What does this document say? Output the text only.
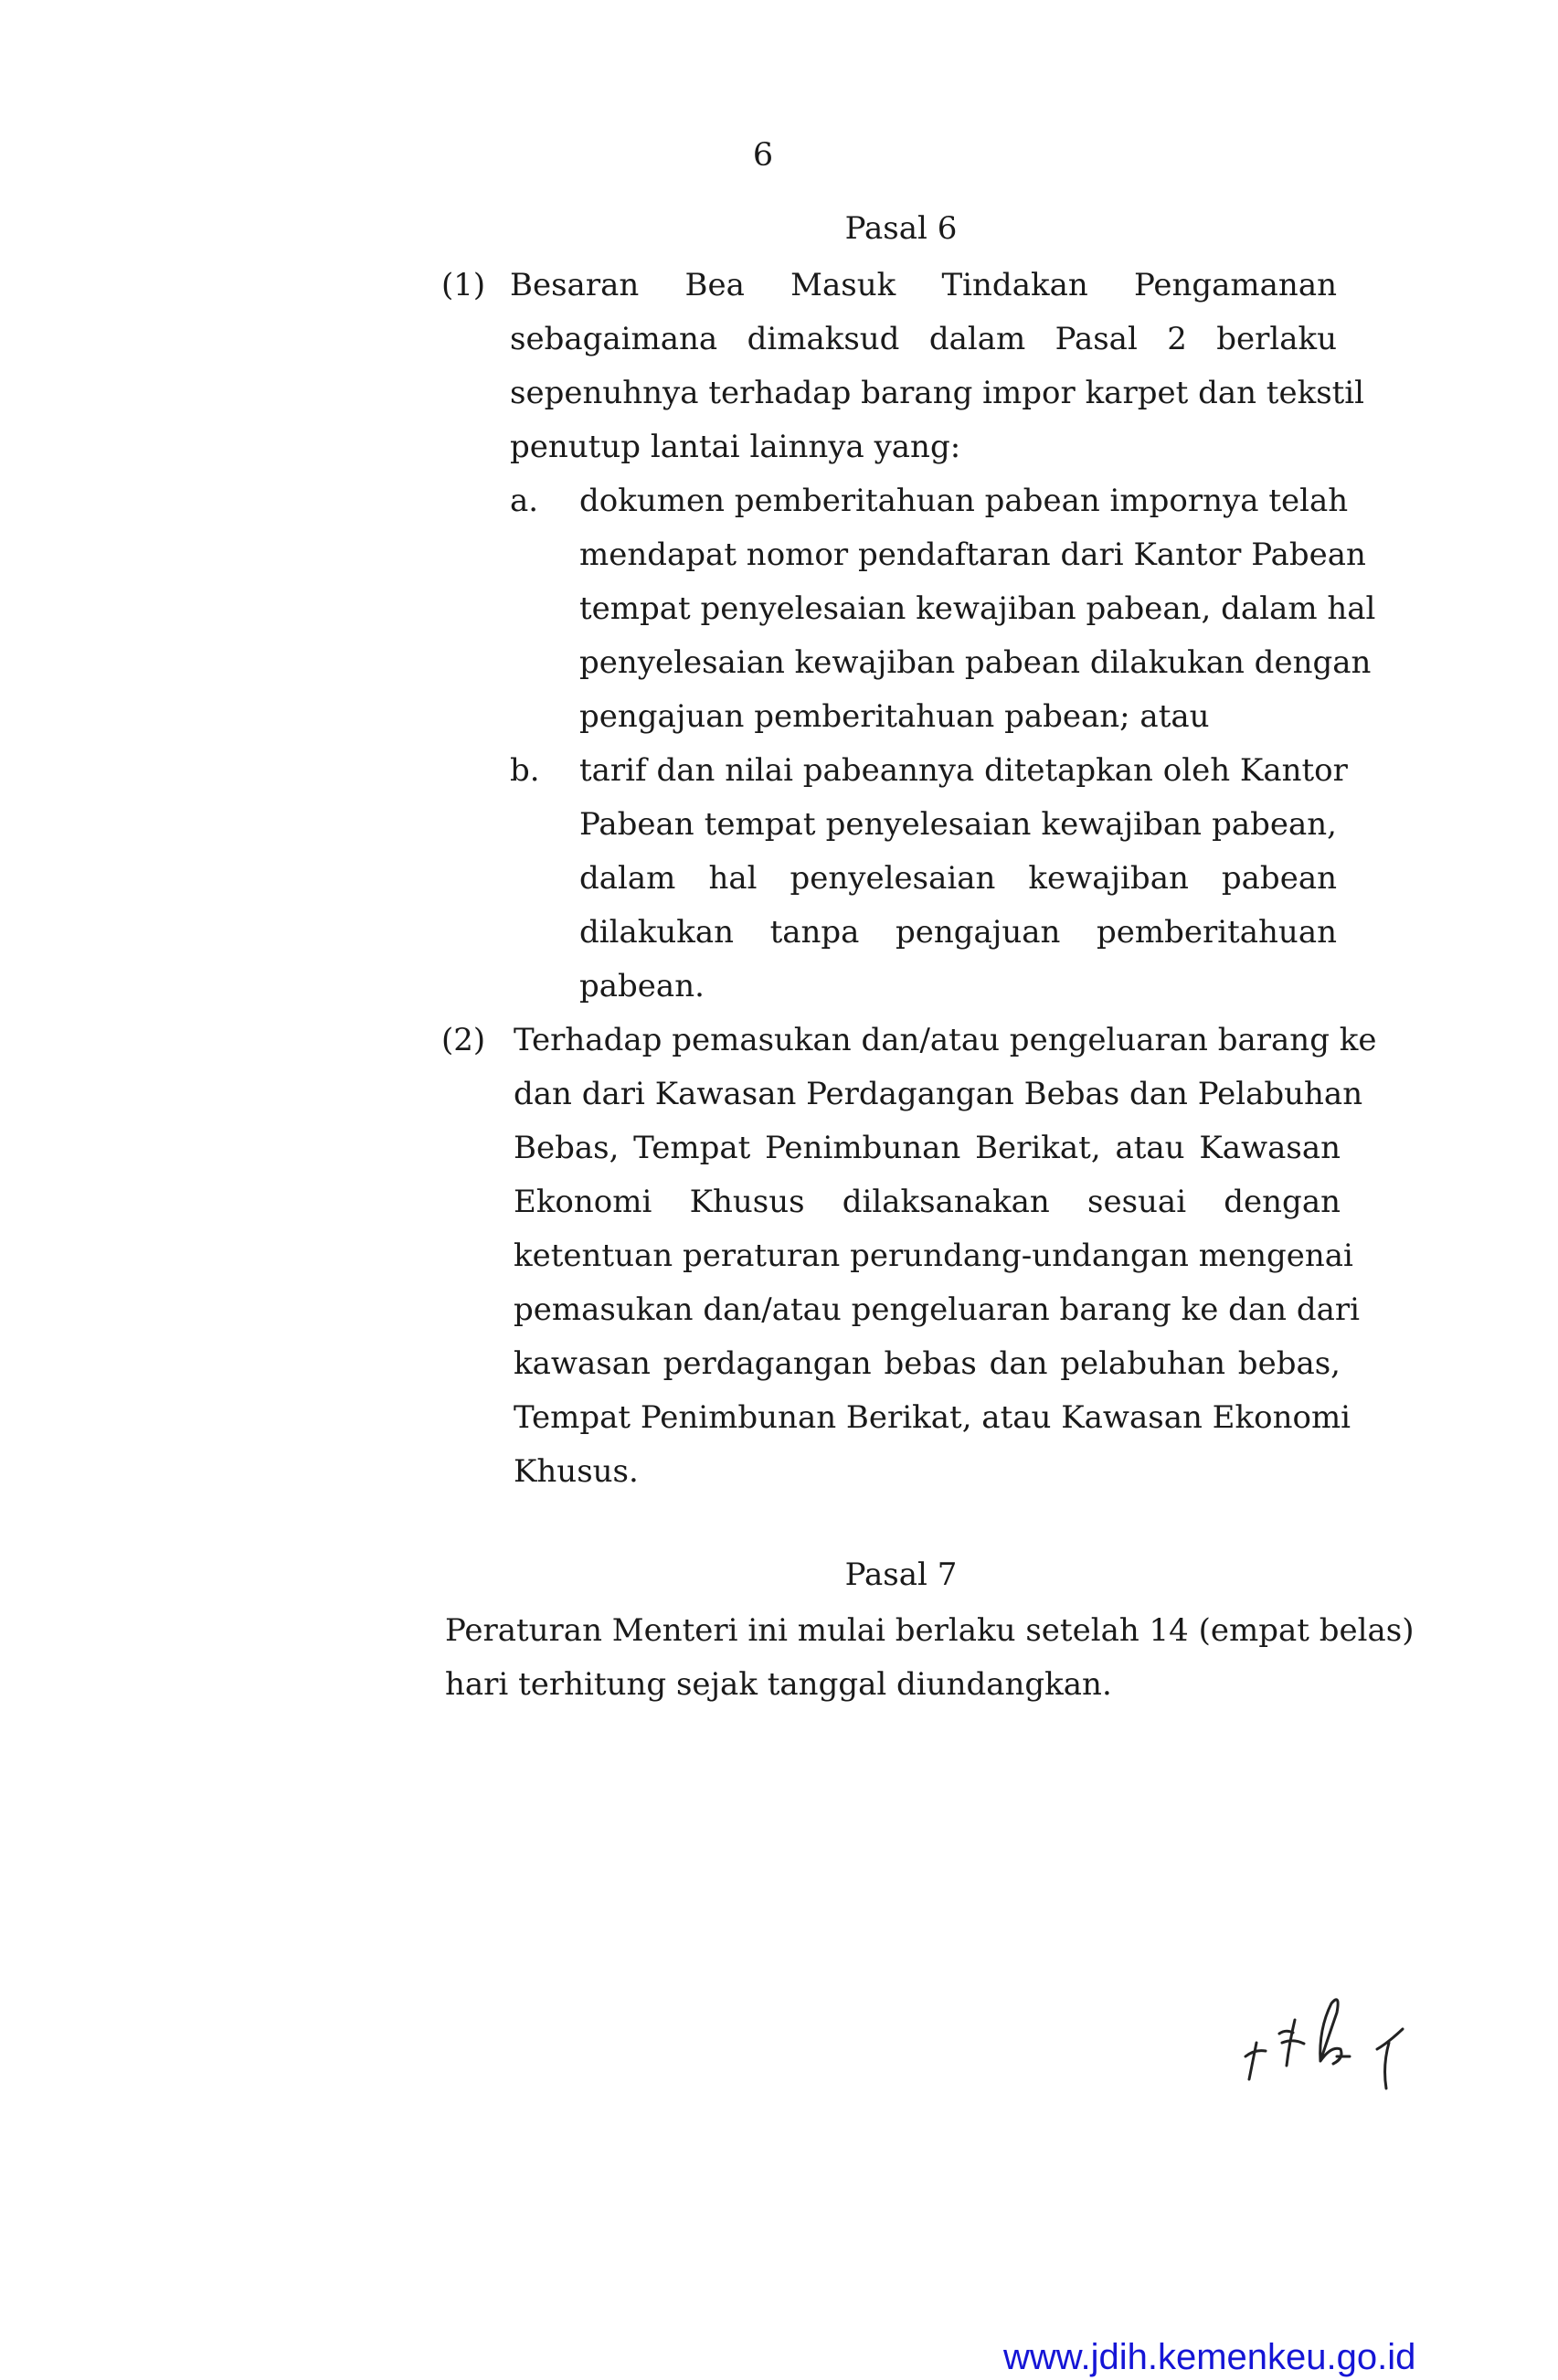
6
Pasal 6
(1) Besaran Bea Masuk Tindakan Pengamanan
sebagaimana dimaksud dalam Pasal 2 berlaku
sepenuhnya terhadap barang impor karpet dan tekstil
penutup lantai lainnya yang:
a. dokumen pemberitahuan pabean impornya telah
mendapat nomor pendaftaran dari Kantor Pabean
tempat penyelesaian kewajiban pabean, dalam hal
penyelesaian kewajiban pabean dilakukan dengan
pengajuan pemberitahuan pabean; atau
b. tarif dan nilai pabeannya ditetapkan oleh Kantor
Pabean tempat penyelesaian kewajiban pabean,
dalam hal penyelesaian kewajiban pabean
dilakukan tanpa pengajuan pemberitahuan
pabean.
(2) Terhadap pemasukan dan/atau pengeluaran barang ke
dan dari Kawasan Perdagangan Bebas dan Pelabuhan
Bebas, Tempat Penimbunan Berikat, atau Kawasan
Ekonomi Khusus dilaksanakan sesuai dengan
ketentuan peraturan perundang-undangan mengenai
pemasukan dan/atau pengeluaran barang ke dan dari
kawasan perdagangan bebas dan pelabuhan bebas,
Tempat Penimbunan Berikat, atau Kawasan Ekonomi
Khusus.
Pasal 7
Peraturan Menteri ini mulai berlaku setelah 14 (empat belas)
hari terhitung sejak tanggal diundangkan.
www.jdih.kemenkeu.go.id
